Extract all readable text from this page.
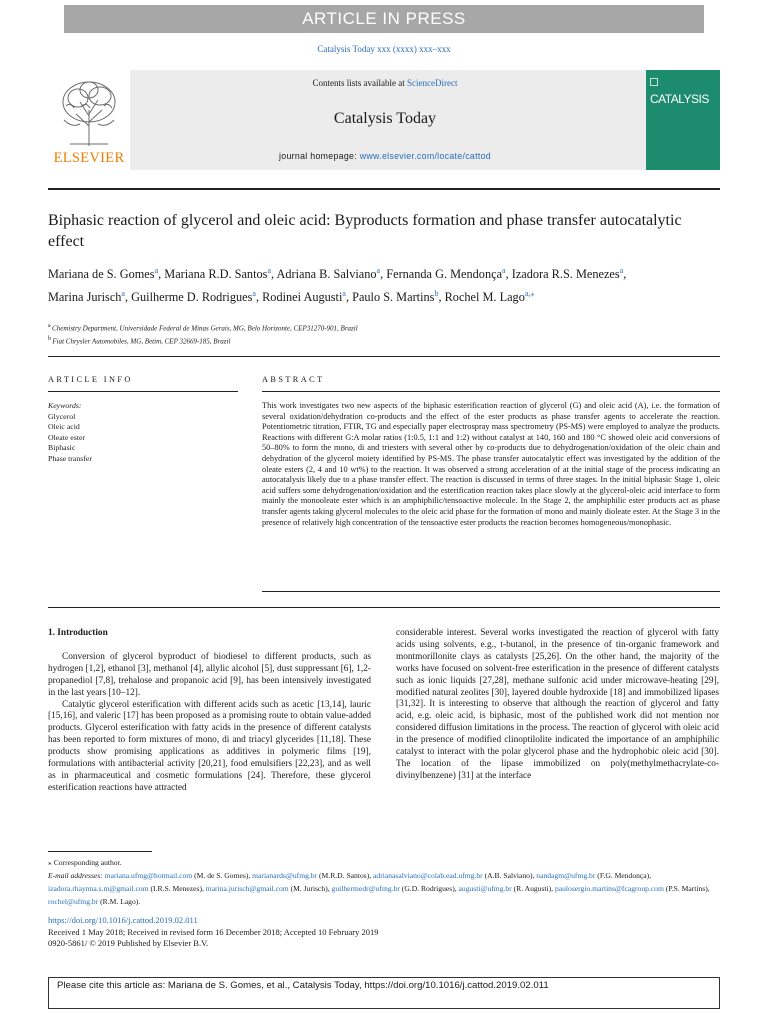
ARTICLE IN PRESS
Catalysis Today xxx (xxxx) xxx–xxx
ELSEVIER
Contents lists available at ScienceDirect
Catalysis Today
journal homepage: www.elsevier.com/locate/cattod
CATALYSIS
Biphasic reaction of glycerol and oleic acid: Byproducts formation and phase transfer autocatalytic effect
Mariana de S. Gomes$^a$, Mariana R.D. Santos$^a$, Adriana B. Salviano$^a$, Fernanda G. Mendonça$^a$, Izadora R.S. Menezes$^a$, Marina Jurisch$^a$, Guilherme D. Rodrigues$^a$, Rodinei Augusti$^a$, Paulo S. Martins$^b$, Rochel M. Lago$^{a,⁎}$
$^a$ Chemistry Department, Universidade Federal de Minas Gerais, MG, Belo Horizonte, CEP31270-901, Brazil
$^b$ Fiat Chrysler Automobiles, MG, Betim, CEP 32669-185, Brazil
ARTICLE INFO	ABSTRACT
Keywords:
Glycerol
Oleic acid
Oleate ester
Biphasic
Phase transfer
This work investigates two new aspects of the biphasic esterification reaction of glycerol (G) and oleic acid (A), i.e. the formation of several oxidation/dehydration co-products and the effect of the ester products as phase transfer agents to accelerate the reaction. Potentiometric titration, FTIR, TG and especially paper electrospray mass spectrometry (PS-MS) were employed to analyze the products. Reactions with different G:A molar ratios (1:0.5, 1:1 and 1:2) without catalyst at 140, 160 and 180 °C showed oleic acid conversions of 50–80% to form the mono, di and triesters with several other by co-products due to dehydrogenation/oxidation of the oleic chain and dehydration of the glycerol moiety identified by PS-MS. The phase transfer autocatalytic effect was investigated by the addition of the oleate esters (2, 4 and 10 wt%) to the reaction. It was observed a strong acceleration of at the initial stage of the process indicating an autocatalysis likely due to a phase transfer effect. The reaction is discussed in terms of three stages. In the initial biphasic Stage 1, oleic acid suffers some dehydrogenation/oxidation and the esterification reaction takes place slowly at the glycerol-oleic acid interface to form mainly the monooleate ester which is an amphiphilic/tensoactive molecule. In the Stage 2, the amphiphilic ester products act as phase transfer agents taking glycerol molecules to the oleic acid phase for the formation of mono and mainly dioleate ester. At the Stage 3 in the presence of relatively high concentration of the tensoactive ester products the reaction becomes homogeneous/monophasic.

1. Introduction

Conversion of glycerol byproduct of biodiesel to different products, such as hydrogen [1,2], ethanol [3], methanol [4], allylic alcohol [5], dust suppressant [6], 1,2-propanediol [7,8], trehalose and propanoic acid [9], has been intensively investigated in the last years [10–12].

Catalytic glycerol esterification with different acids such as acetic [13,14], lauric [15,16], and valeric [17] has been proposed as a promising route to obtain value-added products. Glycerol esterification with fatty acids in the presence of different catalysts has been reported to form mixtures of mono, di and triacyl glycerides [11,18]. These products show promising applications as additives in polymeric films [19], formulations with antibacterial activity [20,21], food emulsifiers [22,23], and as well as in pharmaceutical and cosmetic formulations [24]. Therefore, these glycerol esterification reactions have attracted

considerable interest. Several works investigated the reaction of glycerol with fatty acids using solvents, e.g., t-butanol, in the presence of tin-organic framework and montmorillonite clays as catalysts [25,26]. On the other hand, the majority of the works have focused on solvent-free esterification in the presence of different catalysts such as ionic liquids [27,28], methane sulfonic acid under microwave-heating [29], modified natural zeolites [30], layered double hydroxide [18] and immobilized lipases [31,32]. It is interesting to observe that although the reaction of glycerol and fatty acid, e.g. oleic acid, is biphasic, most of the published work did not mention nor considered diffusion limitations in the process. The reaction of glycerol with oleic acid in the presence of modified clinoptilolite indicated the importance of an amphiphilic catalyst to interact with the polar glycerol phase and the hydrophobic oleic acid [30]. The location of the lipase immobilized on poly(methylmethacrylate-co-divinylbenzene) [31] at the interface

⁎ Corresponding author.
E-mail addresses: mariana.ufmg@hotmail.com (M. de S. Gomes), marianards@ufmg.br (M.R.D. Santos), adrianasalviano@colab.ead.ufmg.br (A.B. Salviano), nandagm@ufmg.br (F.G. Mendonça), izadora.rhaynna.s.m@gmail.com (I.R.S. Menezes), marina.jurisch@gmail.com (M. Jurisch), guilhermedr@ufmg.br (G.D. Rodrigues), augusti@ufmg.br (R. Augusti), paulosergio.martins@fcagroup.com (P.S. Martins), rochel@ufmg.br (R.M. Lago).
https://doi.org/10.1016/j.cattod.2019.02.011
Received 1 May 2018; Received in revised form 16 December 2018; Accepted 10 February 2019
0920-5861/ © 2019 Published by Elsevier B.V.
Please cite this article as: Mariana de S. Gomes, et al., Catalysis Today, https://doi.org/10.1016/j.cattod.2019.02.011
